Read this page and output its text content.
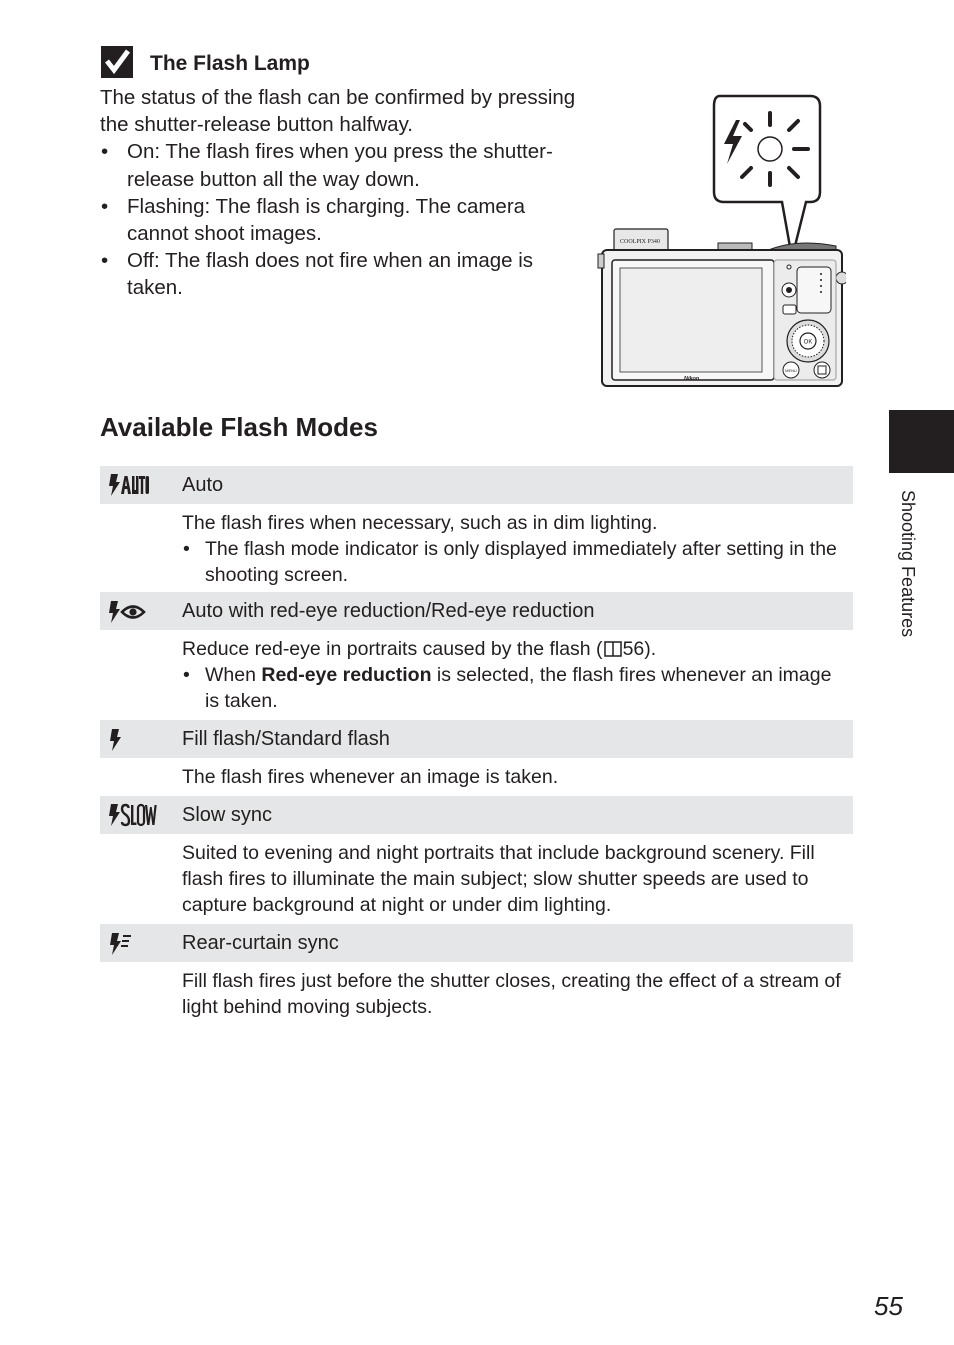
The Flash Lamp

The status of the flash can be confirmed by pressing the shutter-release button halfway.

• On: The flash fires when you press the shutter-release button all the way down.
• Flashing: The flash is charging. The camera cannot shoot images.
• Off: The flash does not fire when an image is taken.
COOLPIX P340
Nikon
OK
MENU
Available Flash Modes
Auto

The flash fires when necessary, such as in dim lighting.

• The flash mode indicator is only displayed immediately after setting in the shooting screen.
Auto with red-eye reduction/Red-eye reduction

Reduce red-eye in portraits caused by the flash ( 56).

• When Red-eye reduction is selected, the flash fires whenever an image is taken.
Fill flash/Standard flash

The flash fires whenever an image is taken.

Slow sync

Suited to evening and night portraits that include background scenery. Fill flash fires to illuminate the main subject; slow shutter speeds are used to capture background at night or under dim lighting.

Rear-curtain sync

Fill flash fires just before the shutter closes, creating the effect of a stream of light behind moving subjects.

Shooting Features
55
